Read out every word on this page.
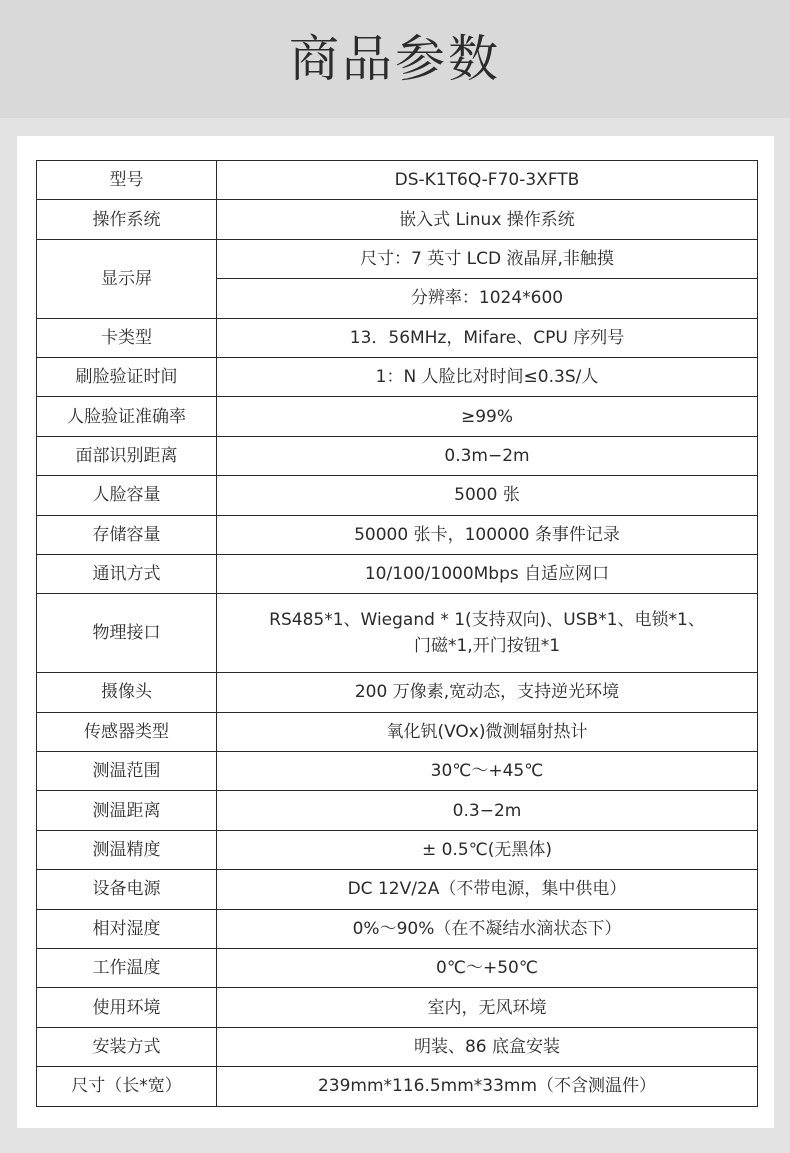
商品参数
型号	DS-K1T6Q-F70-3XFTB
操作系统	嵌入式 Linux 操作系统
显示屏	尺寸：7 英寸 LCD 液晶屏,非触摸
	分辨率：1024*600
卡类型	13．56MHz，Mifare、CPU 序列号
刷脸验证时间	1：N 人脸比对时间≤0.3S/人
人脸验证准确率	≥99%
面部识别距离	0.3m−2m
人脸容量	5000 张
存储容量	50000 张卡，100000 条事件记录
通讯方式	10/100/1000Mbps 自适应网口
物理接口	RS485*1、Wiegand * 1(支持双向)、USB*1、电锁*1、
门磁*1,开门按钮*1

摄像头	200 万像素,宽动态，支持逆光环境
传感器类型	氧化钒(VOx)微测辐射热计
测温范围	30℃～+45℃
测温距离	0.3−2m
测温精度	± 0.5℃(无黑体)
设备电源	DC 12V/2A（不带电源，集中供电）
相对湿度	0%～90%（在不凝结水滴状态下）
工作温度	0℃～+50℃
使用环境	室内，无风环境
安装方式	明装、86 底盒安装
尺寸（长*宽）	239mm*116.5mm*33mm（不含测温件）
